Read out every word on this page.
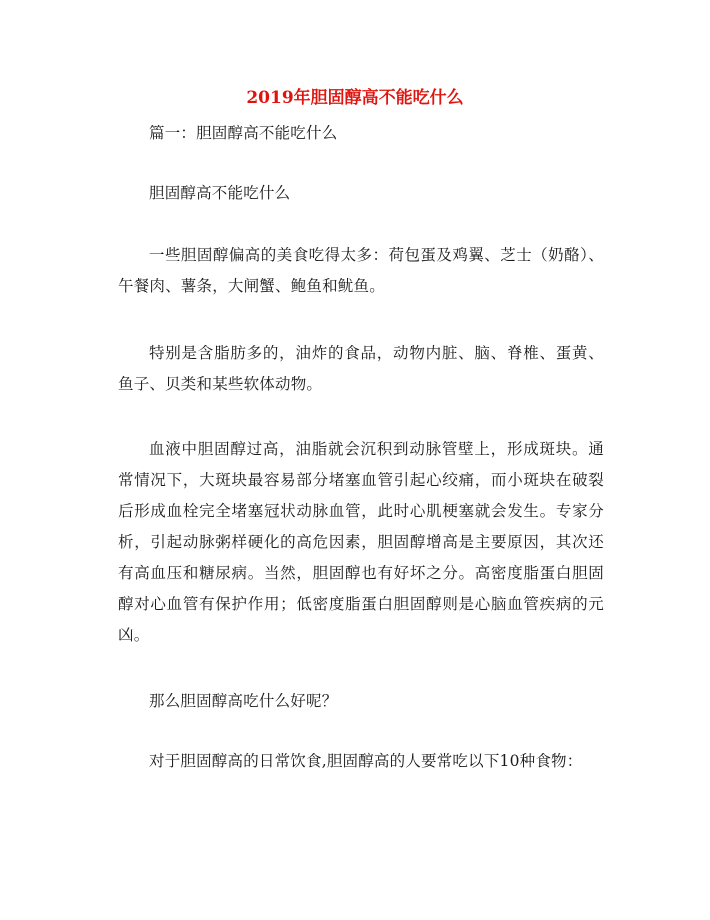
2019年胆固醇高不能吃什么

篇一：胆固醇高不能吃什么

胆固醇高不能吃什么

一些胆固醇偏高的美食吃得太多：荷包蛋及鸡翼、芝士（奶酪）、午餐肉、薯条，大闸蟹、鲍鱼和鱿鱼。

特别是含脂肪多的，油炸的食品，动物内脏、脑、脊椎、蛋黄、鱼子、贝类和某些软体动物。

血液中胆固醇过高，油脂就会沉积到动脉管壁上，形成斑块。通常情况下，大斑块最容易部分堵塞血管引起心绞痛，而小斑块在破裂后形成血栓完全堵塞冠状动脉血管，此时心肌梗塞就会发生。专家分析，引起动脉粥样硬化的高危因素，胆固醇增高是主要原因，其次还有高血压和糖尿病。当然，胆固醇也有好坏之分。高密度脂蛋白胆固醇对心血管有保护作用；低密度脂蛋白胆固醇则是心脑血管疾病的元凶。

那么胆固醇高吃什么好呢？

对于胆固醇高的日常饮食,胆固醇高的人要常吃以下10种食物：
